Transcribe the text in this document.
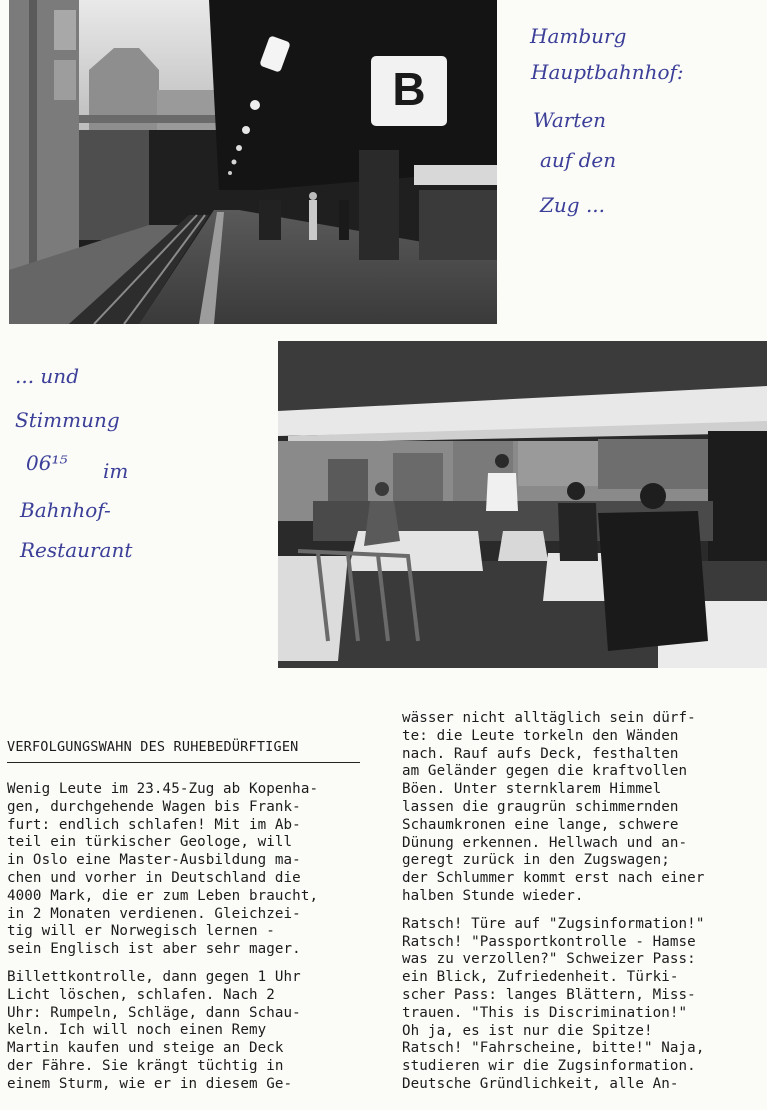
B
Hamburg
Hauptbahnhof:
Warten
auf den
Zug ...
... und
Stimmung
06¹⁵ im
Bahnhof-
Restaurant
VERFOLGUNGSWAHN DES RUHEBEDÜRFTIGEN

Wenig Leute im 23.45-Zug ab Kopenha-
gen, durchgehende Wagen bis Frank-
furt: endlich schlafen! Mit im Ab-
teil ein türkischer Geologe, will
in Oslo eine Master-Ausbildung ma-
chen und vorher in Deutschland die
4000 Mark, die er zum Leben braucht,
in 2 Monaten verdienen. Gleichzei-
tig will er Norwegisch lernen -
sein Englisch ist aber sehr mager.

Billettkontrolle, dann gegen 1 Uhr
Licht löschen, schlafen. Nach 2
Uhr: Rumpeln, Schläge, dann Schau-
keln. Ich will noch einen Remy
Martin kaufen und steige an Deck
der Fähre. Sie krängt tüchtig in
einem Sturm, wie er in diesem Ge-

wässer nicht alltäglich sein dürf-
te: die Leute torkeln den Wänden
nach. Rauf aufs Deck, festhalten
am Geländer gegen die kraftvollen
Böen. Unter sternklarem Himmel
lassen die graugrün schimmernden
Schaumkronen eine lange, schwere
Dünung erkennen. Hellwach und an-
geregt zurück in den Zugswagen;
der Schlummer kommt erst nach einer
halben Stunde wieder.

Ratsch! Türe auf "Zugsinformation!"
Ratsch! "Passportkontrolle - Hamse
was zu verzollen?" Schweizer Pass:
ein Blick, Zufriedenheit. Türki-
scher Pass: langes Blättern, Miss-
trauen. "This is Discrimination!"
Oh ja, es ist nur die Spitze!
Ratsch! "Fahrscheine, bitte!" Naja,
studieren wir die Zugsinformation.
Deutsche Gründlichkeit, alle An-
